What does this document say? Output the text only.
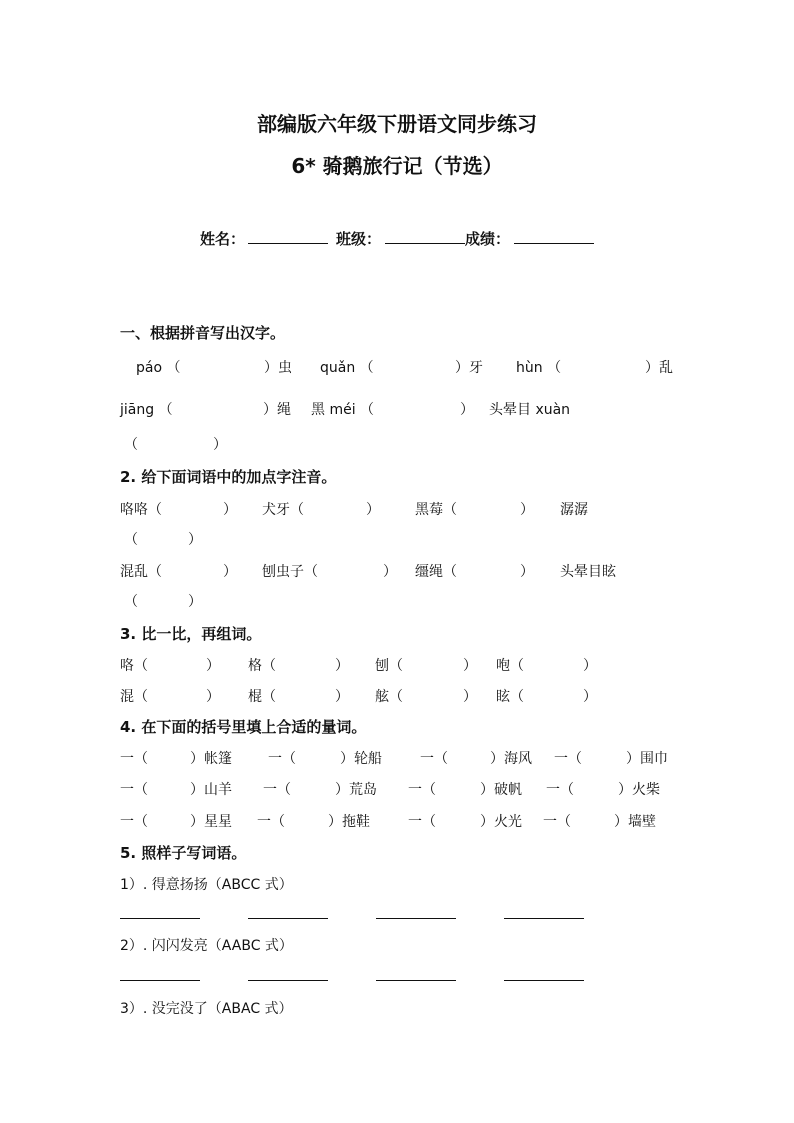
部编版六年级下册语文同步练习
6* 骑鹅旅行记（节选）
姓名：	班级：	成绩：
一、根据拼音写出汉字。
páo （	）虫 quǎn （	）牙 hùn （	）乱
jiāng （	）绳 黑 méi （	） 头晕目 xuàn
（	）
2. 给下面词语中的加点字注音。
咯咯（	） 犬牙（	）	黑莓（	） 潺潺
（	）
混乱（	） 刨虫子（	） 缰绳（	） 头晕目眩
（	）
3. 比一比，再组词。
咯（	） 格（	） 刨（	） 咆（	）
混（	） 棍（	） 舷（	） 眩（	）
4. 在下面的括号里填上合适的量词。
一（	）帐篷	一（	）轮船	一（	）海风 一（	）围巾
一（	）山羊 一（	）荒岛 一（	）破帆 一（	）火柴
一（	）星星 一（	）拖鞋	一（	）火光 一（	）墙壁
5. 照样子写词语。
1）. 得意扬扬（ABCC 式）
2）. 闪闪发亮（AABC 式）
3）. 没完没了（ABAC 式）
